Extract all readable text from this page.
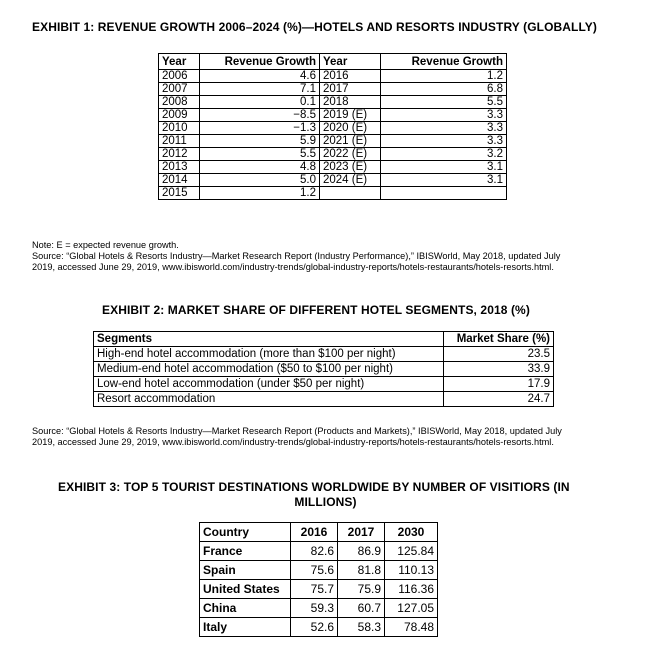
EXHIBIT 1: REVENUE GROWTH 2006–2024 (%)—HOTELS AND RESORTS INDUSTRY (GLOBALLY)
Year	Revenue Growth	Year	Revenue Growth
2006	4.6	2016	1.2
2007	7.1	2017	6.8
2008	0.1	2018	5.5
2009	−8.5	2019 (E)	3.3
2010	−1.3	2020 (E)	3.3
2011	5.9	2021 (E)	3.3
2012	5.5	2022 (E)	3.2
2013	4.8	2023 (E)	3.1
2014	5.0	2024 (E)	3.1
2015	1.2		
Note: E = expected revenue growth.
Source: “Global Hotels & Resorts Industry—Market Research Report (Industry Performance),” IBISWorld, May 2018, updated July
2019, accessed June 29, 2019, www.ibisworld.com/industry-trends/global-industry-reports/hotels-restaurants/hotels-resorts.html.
EXHIBIT 2: MARKET SHARE OF DIFFERENT HOTEL SEGMENTS, 2018 (%)
Segments	Market Share (%)
High-end hotel accommodation (more than $100 per night)	23.5
Medium-end hotel accommodation ($50 to $100 per night)	33.9
Low-end hotel accommodation (under $50 per night)	17.9
Resort accommodation	24.7
Source: “Global Hotels & Resorts Industry—Market Research Report (Products and Markets),” IBISWorld, May 2018, updated July
2019, accessed June 29, 2019, www.ibisworld.com/industry-trends/global-industry-reports/hotels-restaurants/hotels-resorts.html.
EXHIBIT 3: TOP 5 TOURIST DESTINATIONS WORLDWIDE BY NUMBER OF VISITIORS (IN
MILLIONS)
Country	2016	2017	2030
France	82.6	86.9	125.84
Spain	75.6	81.8	110.13
United States	75.7	75.9	116.36
China	59.3	60.7	127.05
Italy	52.6	58.3	78.48
